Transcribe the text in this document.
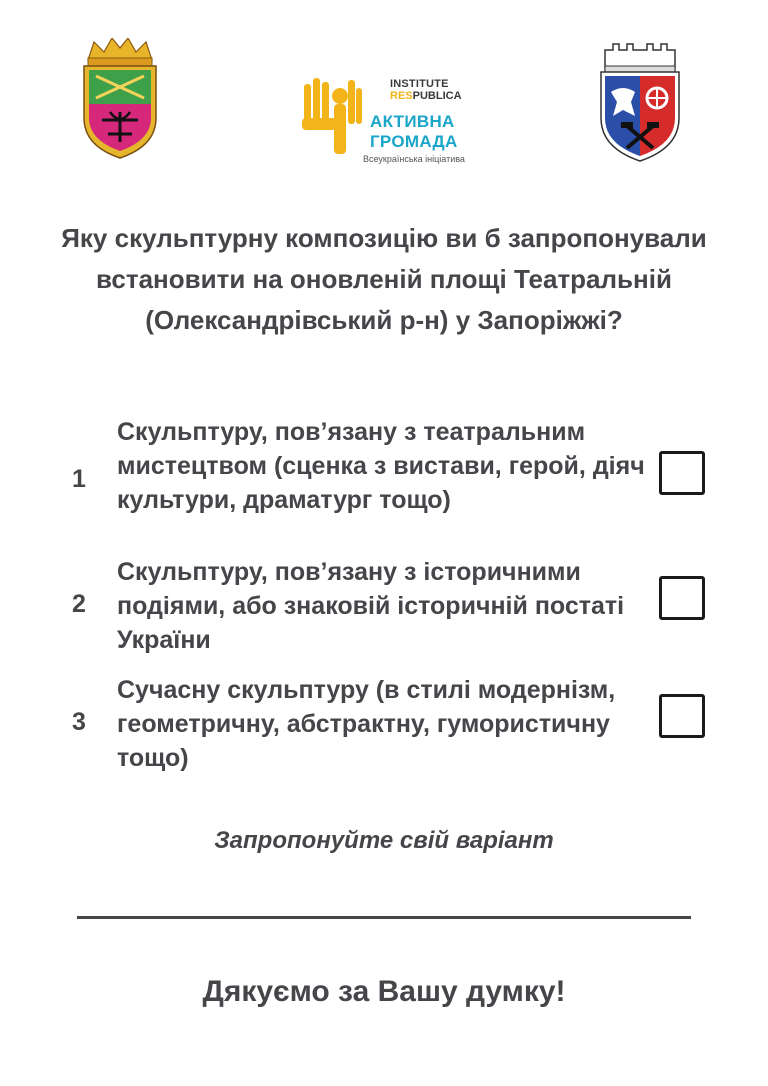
INSTITUTE
RESPUBLICA
АКТИВНА
ГРОМАДА
Всеукраїнська ініціатива

Яку скульптурну композицію ви б запропонували встановити на оновленій площі Театральній (Олександрівський р-н) у Запоріжжі?

1
Скульптуру, пов’язану з театральним мистецтвом (сценка з вистави, герой, діяч культури, драматург тощо)
2
Скульптуру, пов’язану з історичними подіями, або знаковій історичній постаті України
3
Сучасну скульптуру (в стилі модернізм, геометричну, абстрактну, гумористичну тощо)
Запропонуйте свій варіант
Дякуємо за Вашу думку!
